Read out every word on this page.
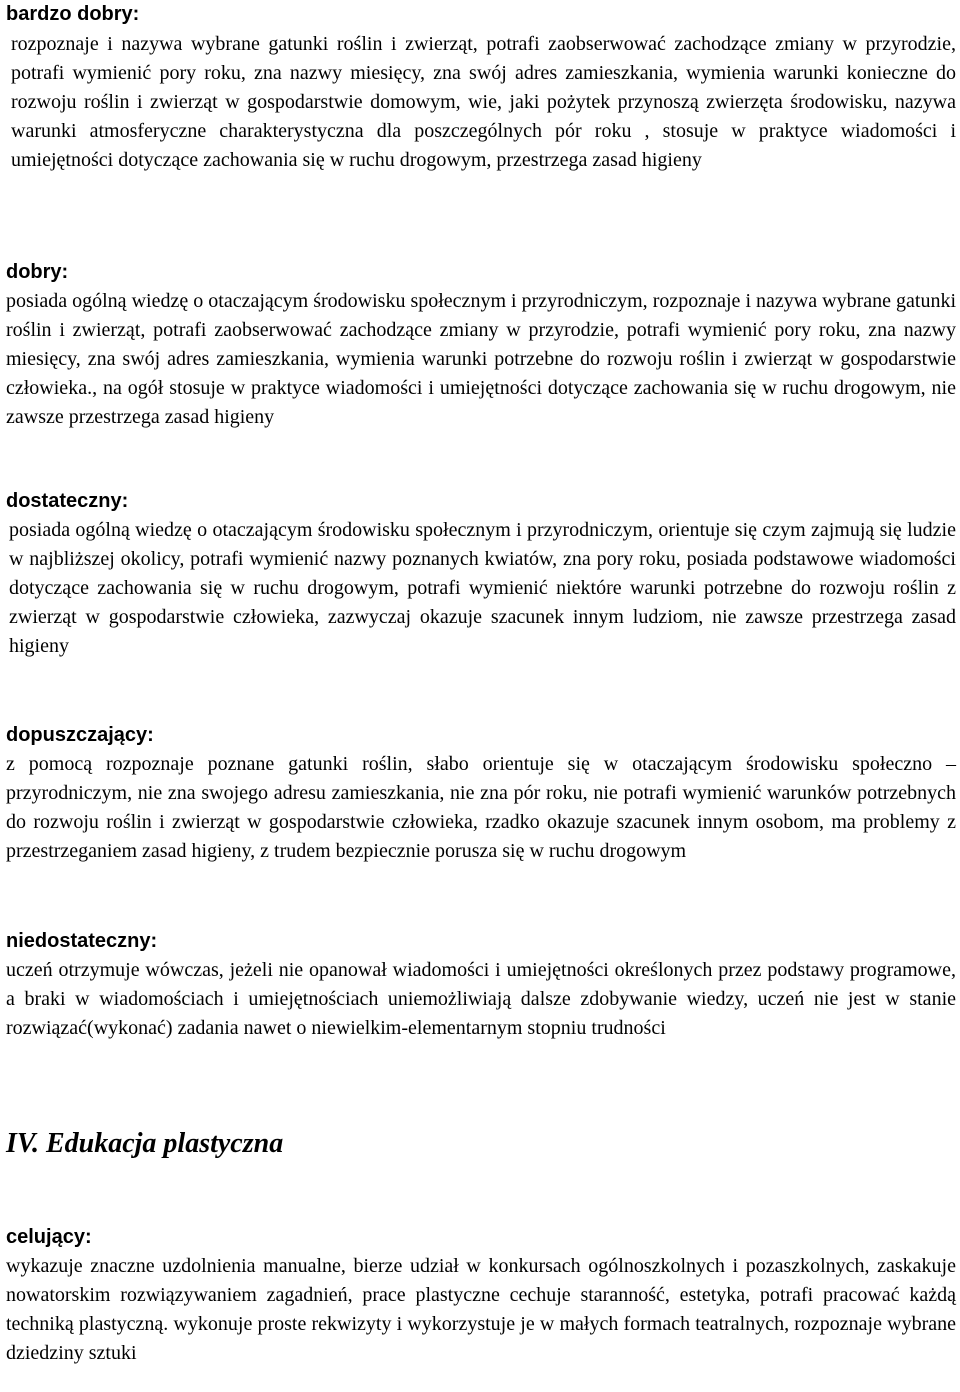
bardzo dobry:

rozpoznaje i nazywa wybrane gatunki roślin i zwierząt, potrafi zaobserwować zachodzące zmiany w przyrodzie, potrafi wymienić pory roku, zna nazwy miesięcy, zna swój adres zamieszkania, wymienia warunki konieczne do rozwoju roślin i zwierząt w gospodarstwie domowym, wie, jaki pożytek przynoszą zwierzęta środowisku, nazywa warunki atmosferyczne charakterystyczna dla poszczególnych pór roku , stosuje w praktyce wiadomości i umiejętności dotyczące zachowania się w ruchu drogowym, przestrzega zasad higieny

dobry:

posiada ogólną wiedzę o otaczającym środowisku społecznym i przyrodniczym, rozpoznaje i nazywa wybrane gatunki roślin i zwierząt, potrafi zaobserwować zachodzące zmiany w przyrodzie, potrafi wymienić pory roku, zna nazwy miesięcy, zna swój adres zamieszkania, wymienia warunki potrzebne do rozwoju roślin i zwierząt w gospodarstwie człowieka., na ogół stosuje w praktyce wiadomości i umiejętności dotyczące zachowania się w ruchu drogowym, nie zawsze przestrzega zasad higieny

dostateczny:

posiada ogólną wiedzę o otaczającym środowisku społecznym i przyrodniczym, orientuje się czym zajmują się ludzie w najbliższej okolicy, potrafi wymienić nazwy poznanych kwiatów, zna pory roku, posiada podstawowe wiadomości dotyczące zachowania się w ruchu drogowym, potrafi wymienić niektóre warunki potrzebne do rozwoju roślin z zwierząt w gospodarstwie człowieka, zazwyczaj okazuje szacunek innym ludziom, nie zawsze przestrzega zasad higieny

dopuszczający:

z pomocą rozpoznaje poznane gatunki roślin, słabo orientuje się w otaczającym środowisku społeczno – przyrodniczym, nie zna swojego adresu zamieszkania, nie zna pór roku, nie potrafi wymienić warunków potrzebnych do rozwoju roślin i zwierząt w gospodarstwie człowieka, rzadko okazuje szacunek innym osobom, ma problemy z przestrzeganiem zasad higieny, z trudem bezpiecznie porusza się w ruchu drogowym

niedostateczny:

uczeń otrzymuje wówczas, jeżeli nie opanował wiadomości i umiejętności określonych przez podstawy programowe, a braki w wiadomościach i umiejętnościach uniemożliwiają dalsze zdobywanie wiedzy, uczeń nie jest w stanie rozwiązać(wykonać) zadania nawet o niewielkim-elementarnym stopniu trudności

IV. Edukacja plastyczna

celujący:

wykazuje znaczne uzdolnienia manualne, bierze udział w konkursach ogólnoszkolnych i pozaszkolnych, zaskakuje nowatorskim rozwiązywaniem zagadnień, prace plastyczne cechuje staranność, estetyka, potrafi pracować każdą techniką plastyczną. wykonuje proste rekwizyty i wykorzystuje je w małych formach teatralnych, rozpoznaje wybrane dziedziny sztuki
